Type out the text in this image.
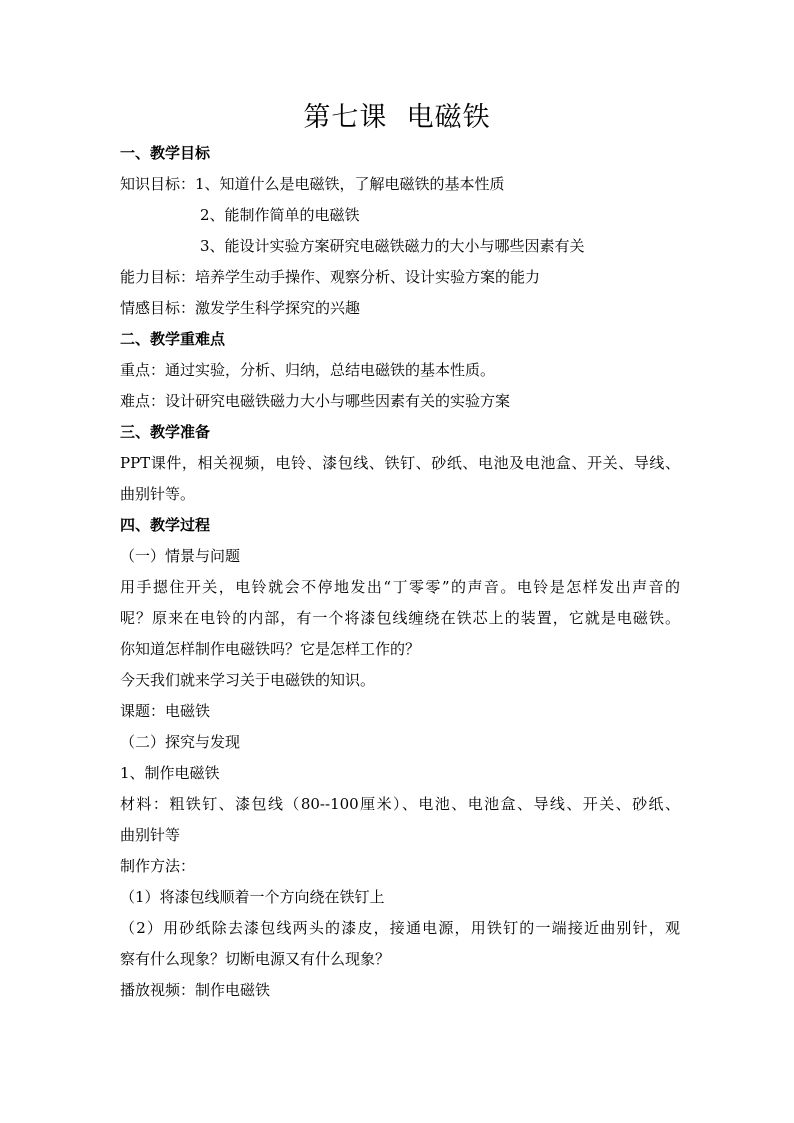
第七课  电磁铁
一、教学目标
知识目标：1、知道什么是电磁铁，了解电磁铁的基本性质
2、能制作简单的电磁铁
3、能设计实验方案研究电磁铁磁力的大小与哪些因素有关
能力目标：培养学生动手操作、观察分析、设计实验方案的能力
情感目标：激发学生科学探究的兴趣
二、教学重难点
重点：通过实验，分析、归纳，总结电磁铁的基本性质。
难点：设计研究电磁铁磁力大小与哪些因素有关的实验方案
三、教学准备
PPT课件，相关视频，电铃、漆包线、铁钉、砂纸、电池及电池盒、开关、导线、
曲别针等。
四、教学过程
（一）情景与问题
用手摁住开关，电铃就会不停地发出“丁零零”的声音。电铃是怎样发出声音的
呢？原来在电铃的内部，有一个将漆包线缠绕在铁芯上的装置，它就是电磁铁。
你知道怎样制作电磁铁吗？它是怎样工作的？
今天我们就来学习关于电磁铁的知识。
课题：电磁铁
（二）探究与发现
1、制作电磁铁
材料：粗铁钉、漆包线（80--100厘米）、电池、电池盒、导线、开关、砂纸、
曲别针等
制作方法：
（1）将漆包线顺着一个方向绕在铁钉上
（2）用砂纸除去漆包线两头的漆皮，接通电源，用铁钉的一端接近曲别针，观
察有什么现象？切断电源又有什么现象？
播放视频：制作电磁铁
